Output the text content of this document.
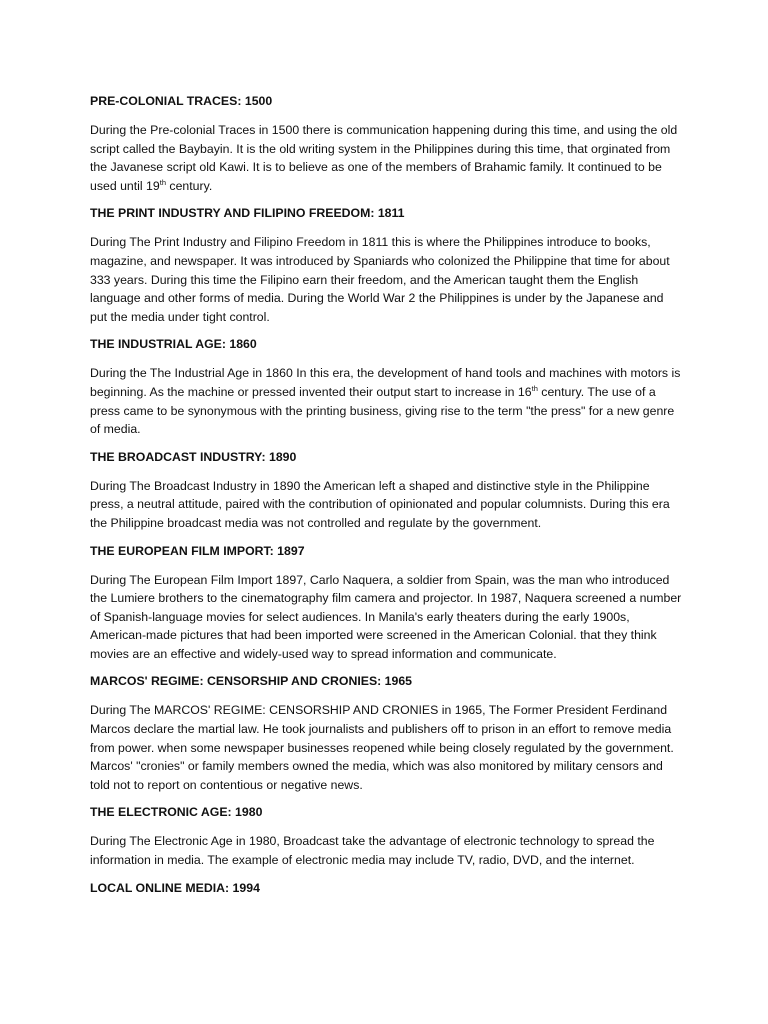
PRE-COLONIAL TRACES: 1500
During the Pre-colonial Traces in 1500 there is communication happening during this time, and using the old script called the Baybayin. It is the old writing system in the Philippines during this time, that orginated from the Javanese script old Kawi. It is to believe as one of the members of Brahamic family. It continued to be used until 19th century.
THE PRINT INDUSTRY AND FILIPINO FREEDOM: 1811
During The Print Industry and Filipino Freedom in 1811 this is where the Philippines introduce to books, magazine, and newspaper. It was introduced by Spaniards who colonized the Philippine that time for about 333 years. During this time the Filipino earn their freedom, and the American taught them the English language and other forms of media. During the World War 2 the Philippines is under by the Japanese and put the media under tight control.
THE INDUSTRIAL AGE: 1860
During the The Industrial Age in 1860 In this era, the development of hand tools and machines with motors is beginning. As the machine or pressed invented their output start to increase in 16th century. The use of a press came to be synonymous with the printing business, giving rise to the term "the press" for a new genre of media.
THE BROADCAST INDUSTRY: 1890
During The Broadcast Industry in 1890 the American left a shaped and distinctive style in the Philippine press, a neutral attitude, paired with the contribution of opinionated and popular columnists. During this era the Philippine broadcast media was not controlled and regulate by the government.
THE EUROPEAN FILM IMPORT: 1897
During The European Film Import 1897, Carlo Naquera, a soldier from Spain, was the man who introduced the Lumiere brothers to the cinematography film camera and projector. In 1987, Naquera screened a number of Spanish-language movies for select audiences. In Manila's early theaters during the early 1900s, American-made pictures that had been imported were screened in the American Colonial. that they think movies are an effective and widely-used way to spread information and communicate.
MARCOS' REGIME: CENSORSHIP AND CRONIES: 1965
During The MARCOS' REGIME: CENSORSHIP AND CRONIES in 1965, The Former President Ferdinand Marcos declare the martial law. He took journalists and publishers off to prison in an effort to remove media from power. when some newspaper businesses reopened while being closely regulated by the government. Marcos' "cronies" or family members owned the media, which was also monitored by military censors and told not to report on contentious or negative news.
THE ELECTRONIC AGE: 1980
During The Electronic Age in 1980, Broadcast take the advantage of electronic technology to spread the information in media. The example of electronic media may include TV, radio, DVD, and the internet.
LOCAL ONLINE MEDIA: 1994
